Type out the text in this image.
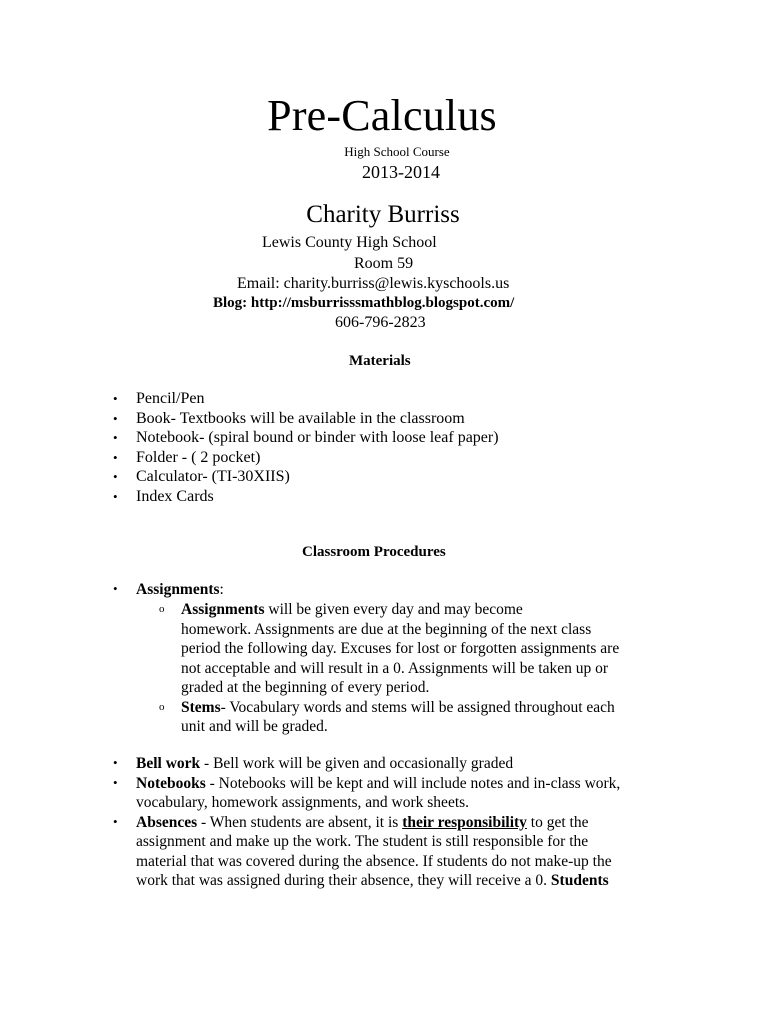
Pre-Calculus
High School Course
2013-2014
Charity Burriss
Lewis County High School
Room 59
Email: charity.burriss@lewis.kyschools.us
Blog: http://msburrisssmathblog.blogspot.com/
606-796-2823
Materials
• Pencil/Pen
• Book- Textbooks will be available in the classroom
• Notebook- (spiral bound or binder with loose leaf paper)
• Folder - ( 2 pocket)
• Calculator- (TI-30XIIS)
• Index Cards
Classroom Procedures
• Assignments:
o Assignments will be given every day and may become
homework. Assignments are due at the beginning of the next class
period the following day. Excuses for lost or forgotten assignments are
not acceptable and will result in a 0. Assignments will be taken up or
graded at the beginning of every period.
o Stems- Vocabulary words and stems will be assigned throughout each
unit and will be graded.
• Bell work - Bell work will be given and occasionally graded
• Notebooks - Notebooks will be kept and will include notes and in-class work,
vocabulary, homework assignments, and work sheets.
• Absences - When students are absent, it is their responsibility to get the
assignment and make up the work. The student is still responsible for the
material that was covered during the absence. If students do not make-up the
work that was assigned during their absence, they will receive a 0. Students
